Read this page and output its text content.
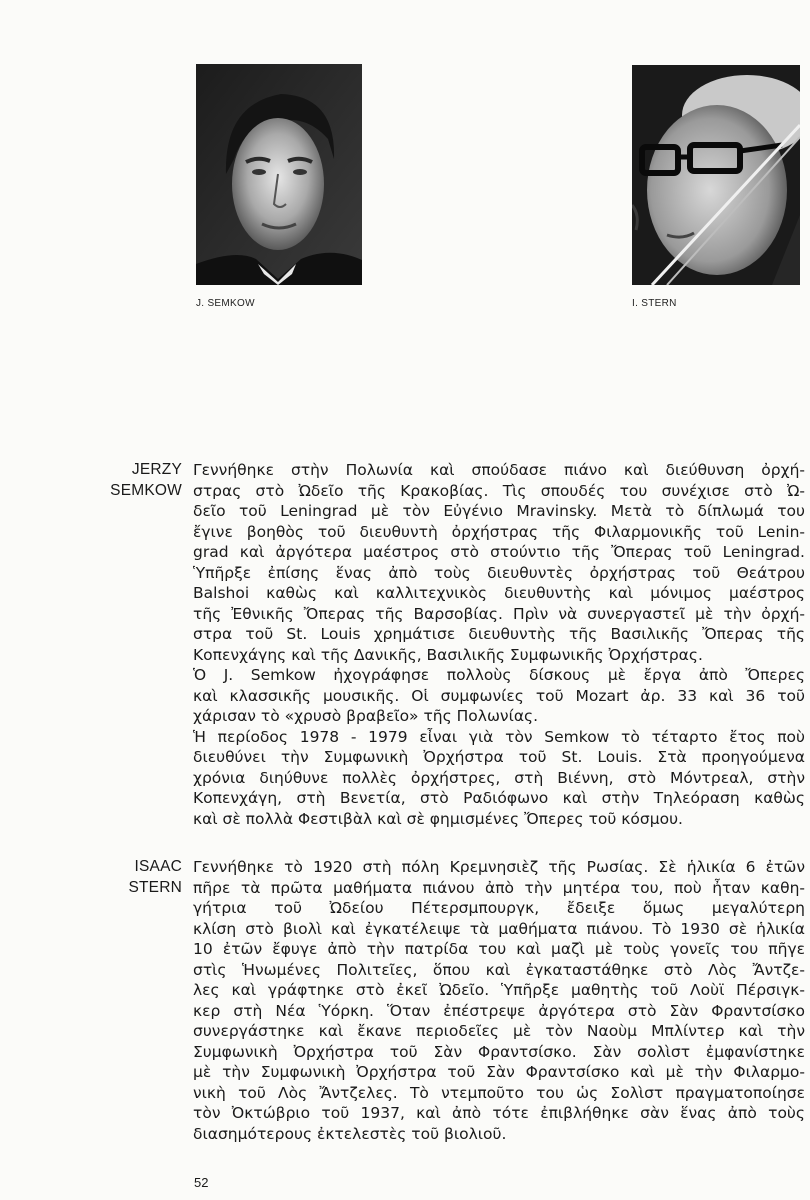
J. SEMKOW	I. STERN
JERZY
SEMKOW
Γεννήθηκε στὴν Πολωνία καὶ σπούδασε πιάνο καὶ διεύθυνση ὀρχή-
στρας στὸ Ὠδεῖο τῆς Κρακοβίας. Τὶς σπουδές του συνέχισε στὸ Ὠ-
δεῖο τοῦ Leningrad μὲ τὸν Εὐγένιο Mravinsky. Μετὰ τὸ δίπλωμά του
ἔγινε βοηθὸς τοῦ διευθυντὴ ὀρχήστρας τῆς Φιλαρμονικῆς τοῦ Lenin-
grad καὶ ἀργότερα μαέστρος στὸ στούντιο τῆς Ὄπερας τοῦ Leningrad.
Ὑπῆρξε ἐπίσης ἕνας ἀπὸ τοὺς διευθυντὲς ὀρχήστρας τοῦ Θεάτρου
Balshoi καθὼς καὶ καλλιτεχνικὸς διευθυντὴς καὶ μόνιμος μαέστρος
τῆς Ἐθνικῆς Ὄπερας τῆς Βαρσοβίας. Πρὶν νὰ συνεργαστεῖ μὲ τὴν ὀρχή-
στρα τοῦ St. Louis χρημάτισε διευθυντὴς τῆς Βασιλικῆς Ὄπερας τῆς
Κοπενχάγης καὶ τῆς Δανικῆς, Βασιλικῆς Συμφωνικῆς Ὀρχήστρας.
Ὁ J. Semkow ἠχογράφησε πολλοὺς δίσκους μὲ ἔργα ἀπὸ Ὄπερες
καὶ κλασσικῆς μουσικῆς. Οἱ συμφωνίες τοῦ Mozart ἀρ. 33 καὶ 36 τοῦ
χάρισαν τὸ «χρυσὸ βραβεῖο» τῆς Πολωνίας.
Ἡ περίοδος 1978 - 1979 εἶναι γιὰ τὸν Semkow τὸ τέταρτο ἔτος ποὺ
διευθύνει τὴν Συμφωνικὴ Ὀρχήστρα τοῦ St. Louis. Στὰ προηγούμενα
χρόνια διηύθυνε πολλὲς ὀρχήστρες, στὴ Βιέννη, στὸ Μόντρεαλ, στὴν
Κοπενχάγη, στὴ Βενετία, στὸ Ραδιόφωνο καὶ στὴν Τηλεόραση καθὼς
καὶ σὲ πολλὰ Φεστιβὰλ καὶ σὲ φημισμένες Ὄπερες τοῦ κόσμου.
ISAAC
STERN
Γεννήθηκε τὸ 1920 στὴ πόλη Κρεμνησιὲζ τῆς Ρωσίας. Σὲ ἡλικία 6 ἐτῶν
πῆρε τὰ πρῶτα μαθήματα πιάνου ἀπὸ τὴν μητέρα του, ποὺ ἦταν καθη-
γήτρια τοῦ Ὠδείου Πέτερσμπουργκ, ἔδειξε ὅμως μεγαλύτερη
κλίση στὸ βιολὶ καὶ ἐγκατέλειψε τὰ μαθήματα πιάνου. Τὸ 1930 σὲ ἡλικία
10 ἐτῶν ἔφυγε ἀπὸ τὴν πατρίδα του καὶ μαζὶ μὲ τοὺς γονεῖς του πῆγε
στὶς Ἡνωμένες Πολιτεῖες, ὅπου καὶ ἐγκαταστάθηκε στὸ Λὸς Ἄντζε-
λες καὶ γράφτηκε στὸ ἐκεῖ Ὠδεῖο. Ὑπῆρξε μαθητὴς τοῦ Λοὺϊ Πέρσιγκ-
κερ στὴ Νέα Ὑόρκη. Ὅταν ἐπέστρεψε ἀργότερα στὸ Σὰν Φραντσίσκο
συνεργάστηκε καὶ ἔκανε περιοδεῖες μὲ τὸν Ναοὺμ Μπλίντερ καὶ τὴν
Συμφωνικὴ Ὀρχήστρα τοῦ Σὰν Φραντσίσκο. Σὰν σολὶστ ἐμφανίστηκε
μὲ τὴν Συμφωνικὴ Ὀρχήστρα τοῦ Σὰν Φραντσίσκο καὶ μὲ τὴν Φιλαρμο-
νικὴ τοῦ Λὸς Ἄντζελες. Τὸ ντεμποῦτο του ὡς Σολὶστ πραγματοποίησε
τὸν Ὀκτώβριο τοῦ 1937, καὶ ἀπὸ τότε ἐπιβλήθηκε σὰν ἕνας ἀπὸ τοὺς
διασημότερους ἐκτελεστὲς τοῦ βιολιοῦ.
52
